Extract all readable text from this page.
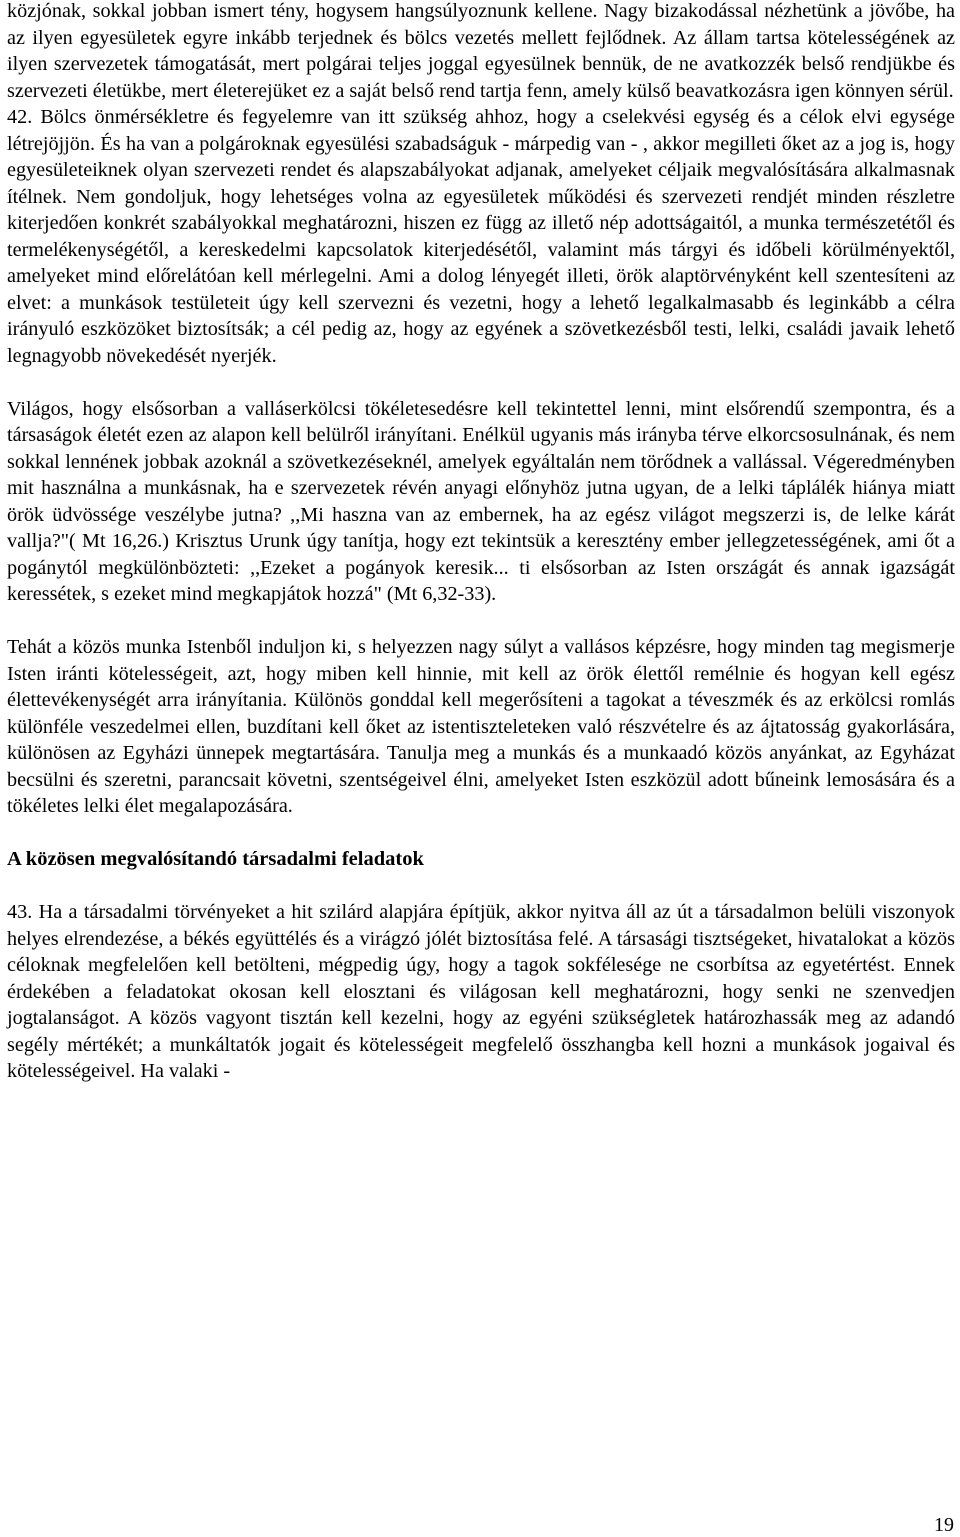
közjónak, sokkal jobban ismert tény, hogysem hangsúlyoznunk kellene. Nagy bizakodással nézhetünk a jövőbe, ha az ilyen egyesületek egyre inkább terjednek és bölcs vezetés mellett fejlődnek. Az állam tartsa kötelességének az ilyen szervezetek támogatását, mert polgárai teljes joggal egyesülnek bennük, de ne avatkozzék belső rendjükbe és szervezeti életükbe, mert életerejüket ez a saját belső rend tartja fenn, amely külső beavatkozásra igen könnyen sérül.

42. Bölcs önmérsékletre és fegyelemre van itt szükség ahhoz, hogy a cselekvési egység és a célok elvi egysége létrejöjjön. És ha van a polgároknak egyesülési szabadságuk - márpedig van - , akkor megilleti őket az a jog is, hogy egyesületeiknek olyan szervezeti rendet és alapszabályokat adjanak, amelyeket céljaik megvalósítására alkalmasnak ítélnek. Nem gondoljuk, hogy lehetséges volna az egyesületek működési és szervezeti rendjét minden részletre kiterjedően konkrét szabályokkal meghatározni, hiszen ez függ az illető nép adottságaitól, a munka természetétől és termelékenységétől, a kereskedelmi kapcsolatok kiterjedésétől, valamint más tárgyi és időbeli körülményektől, amelyeket mind előrelátóan kell mérlegelni. Ami a dolog lényegét illeti, örök alaptörvényként kell szentesíteni az elvet: a munkások testületeit úgy kell szervezni és vezetni, hogy a lehető legalkalmasabb és leginkább a célra irányuló eszközöket biztosítsák; a cél pedig az, hogy az egyének a szövetkezésből testi, lelki, családi javaik lehető legnagyobb növekedését nyerjék.

Világos, hogy elsősorban a valláserkölcsi tökéletesedésre kell tekintettel lenni, mint elsőrendű szempontra, és a társaságok életét ezen az alapon kell belülről irányítani. Enélkül ugyanis más irányba térve elkorcsosulnának, és nem sokkal lennének jobbak azoknál a szövetkezéseknél, amelyek egyáltalán nem törődnek a vallással. Végeredményben mit használna a munkásnak, ha e szervezetek révén anyagi előnyhöz jutna ugyan, de a lelki táplálék hiánya miatt örök üdvössége veszélybe jutna? ,,Mi haszna van az embernek, ha az egész világot megszerzi is, de lelke kárát vallja?"( Mt 16,26.) Krisztus Urunk úgy tanítja, hogy ezt tekintsük a keresztény ember jellegzetességének, ami őt a pogánytól megkülönbözteti: ,,Ezeket a pogányok keresik... ti elsősorban az Isten országát és annak igazságát keressétek, s ezeket mind megkapjátok hozzá" (Mt 6,32-33).

Tehát a közös munka Istenből induljon ki, s helyezzen nagy súlyt a vallásos képzésre, hogy minden tag megismerje Isten iránti kötelességeit, azt, hogy miben kell hinnie, mit kell az örök élettől remélnie és hogyan kell egész élettevékenységét arra irányítania. Különös gonddal kell megerősíteni a tagokat a téveszmék és az erkölcsi romlás különféle veszedelmei ellen, buzdítani kell őket az istentiszteleteken való részvételre és az ájtatosság gyakorlására, különösen az Egyházi ünnepek megtartására. Tanulja meg a munkás és a munkaadó közös anyánkat, az Egyházat becsülni és szeretni, parancsait követni, szentségeivel élni, amelyeket Isten eszközül adott bűneink lemosására és a tökéletes lelki élet megalapozására.

A közösen megvalósítandó társadalmi feladatok

43. Ha a társadalmi törvényeket a hit szilárd alapjára építjük, akkor nyitva áll az út a társadalmon belüli viszonyok helyes elrendezése, a békés együttélés és a virágzó jólét biztosítása felé. A társasági tisztségeket, hivatalokat a közös céloknak megfelelően kell betölteni, mégpedig úgy, hogy a tagok sokfélesége ne csorbítsa az egyetértést. Ennek érdekében a feladatokat okosan kell elosztani és világosan kell meghatározni, hogy senki ne szenvedjen jogtalanságot. A közös vagyont tisztán kell kezelni, hogy az egyéni szükségletek határozhassák meg az adandó segély mértékét; a munkáltatók jogait és kötelességeit megfelelő összhangba kell hozni a munkások jogaival és kötelességeivel. Ha valaki -

19
